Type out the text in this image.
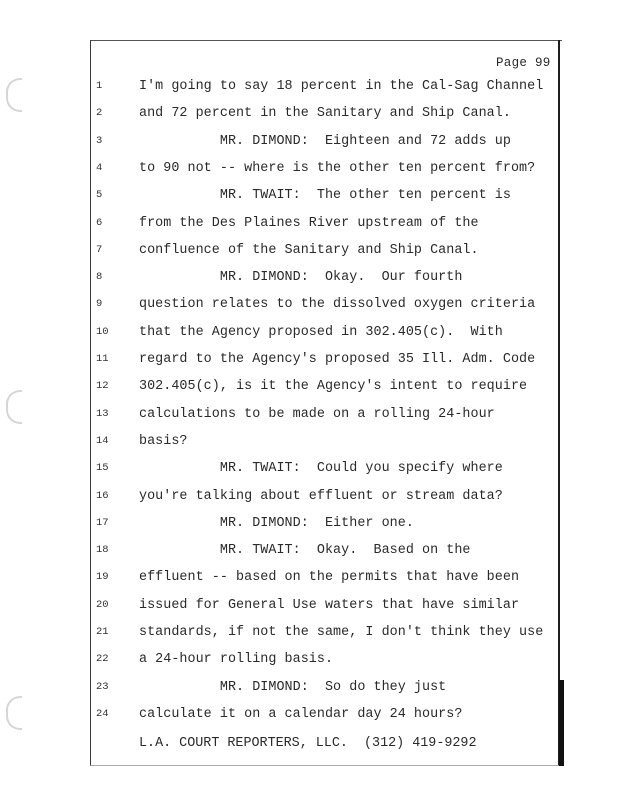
Page 99
1	I'm going to say 18 percent in the Cal-Sag Channel
2	and 72 percent in the Sanitary and Ship Canal.
3	MR. DIMOND:  Eighteen and 72 adds up
4	to 90 not -- where is the other ten percent from?
5	MR. TWAIT:  The other ten percent is
6	from the Des Plaines River upstream of the
7	confluence of the Sanitary and Ship Canal.
8	MR. DIMOND:  Okay.  Our fourth
9	question relates to the dissolved oxygen criteria
10	that the Agency proposed in 302.405(c).  With
11	regard to the Agency's proposed 35 Ill. Adm. Code
12	302.405(c), is it the Agency's intent to require
13	calculations to be made on a rolling 24-hour
14	basis?
15	MR. TWAIT:  Could you specify where
16	you're talking about effluent or stream data?
17	MR. DIMOND:  Either one.
18	MR. TWAIT:  Okay.  Based on the
19	effluent -- based on the permits that have been
20	issued for General Use waters that have similar
21	standards, if not the same, I don't think they use
22	a 24-hour rolling basis.
23	MR. DIMOND:  So do they just
24	calculate it on a calendar day 24 hours?
L.A. COURT REPORTERS, LLC.  (312) 419-9292
